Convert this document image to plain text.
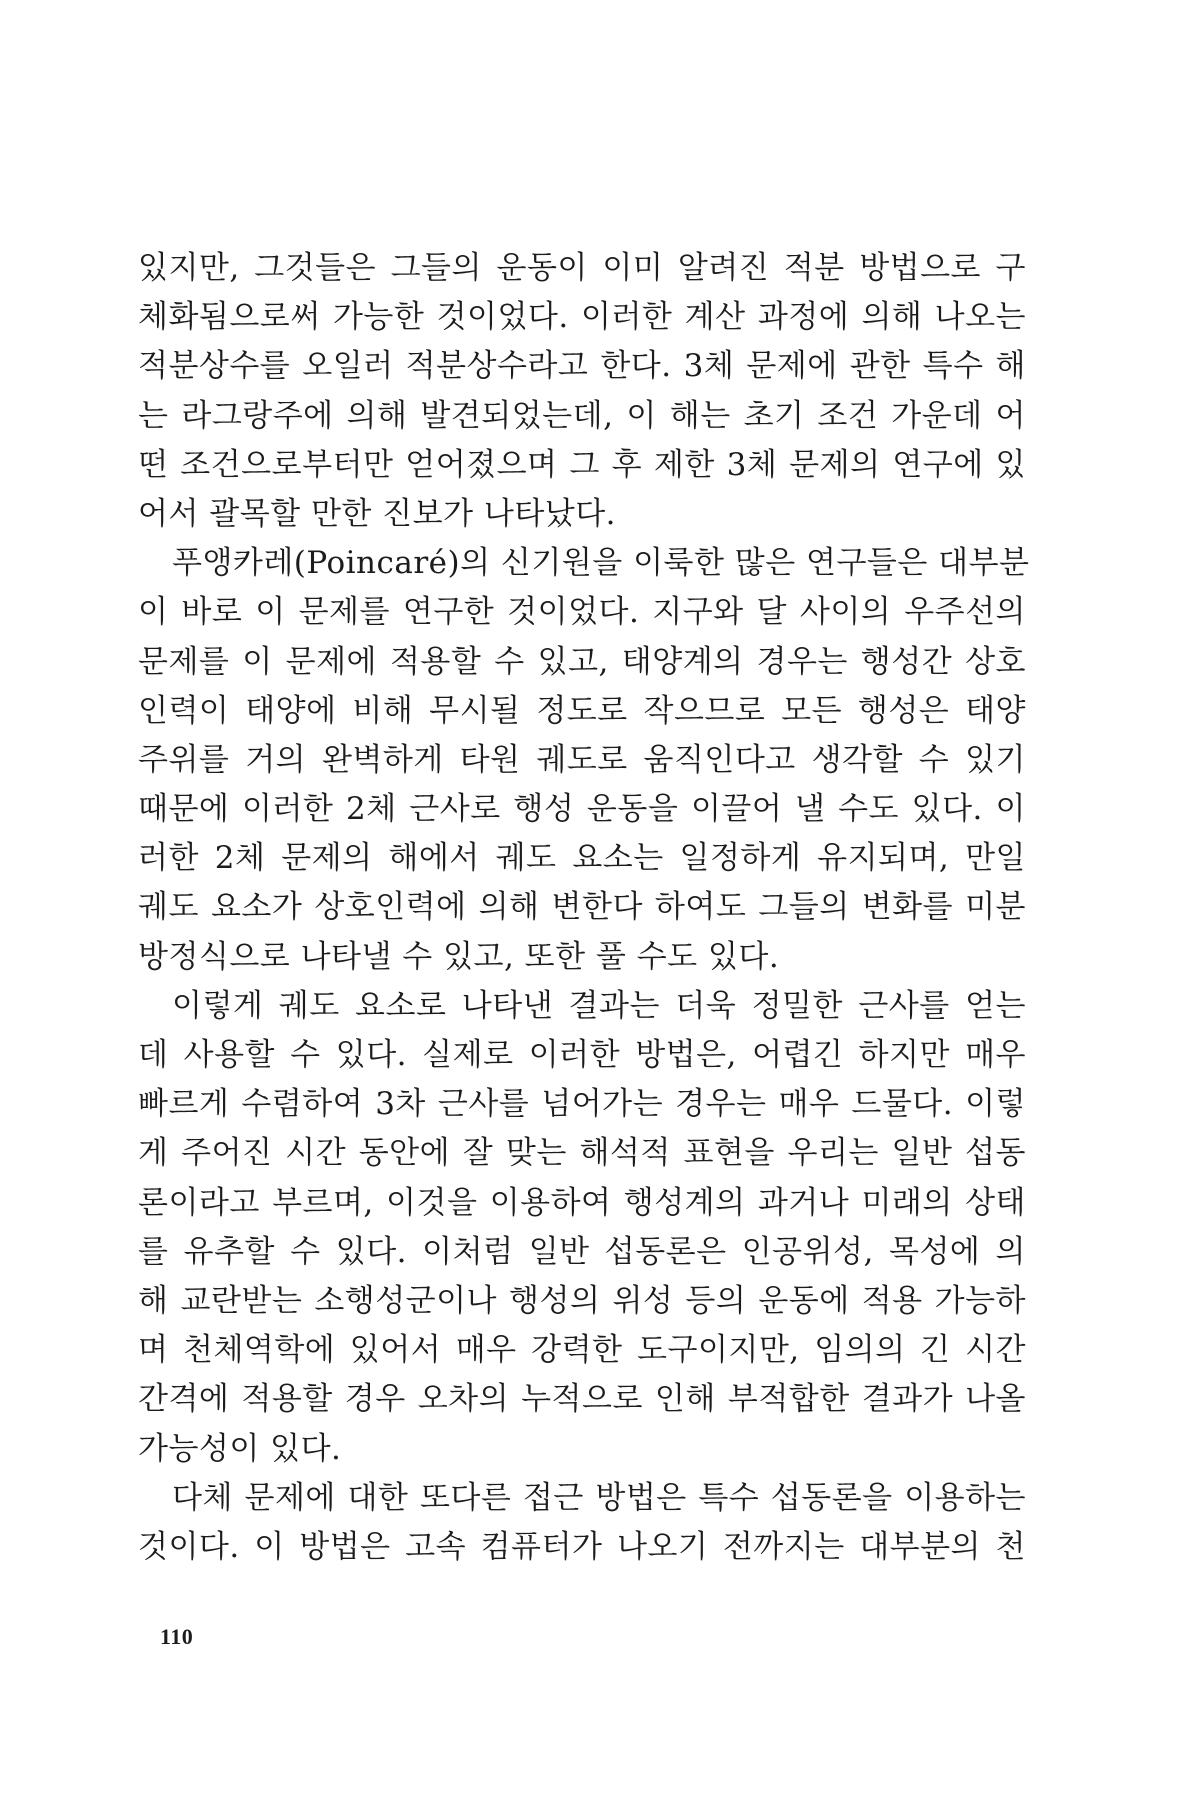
있지만, 그것들은 그들의 운동이 이미 알려진 적분 방법으로 구
체화됨으로써 가능한 것이었다. 이러한 계산 과정에 의해 나오는
적분상수를 오일러 적분상수라고 한다. 3체 문제에 관한 특수 해
는 라그랑주에 의해 발견되었는데, 이 해는 초기 조건 가운데 어
떤 조건으로부터만 얻어졌으며 그 후 제한 3체 문제의 연구에 있
어서 괄목할 만한 진보가 나타났다.
푸앵카레(Poincaré)의 신기원을 이룩한 많은 연구들은 대부분
이 바로 이 문제를 연구한 것이었다. 지구와 달 사이의 우주선의
문제를 이 문제에 적용할 수 있고, 태양계의 경우는 행성간 상호
인력이 태양에 비해 무시될 정도로 작으므로 모든 행성은 태양
주위를 거의 완벽하게 타원 궤도로 움직인다고 생각할 수 있기
때문에 이러한 2체 근사로 행성 운동을 이끌어 낼 수도 있다. 이
러한 2체 문제의 해에서 궤도 요소는 일정하게 유지되며, 만일
궤도 요소가 상호인력에 의해 변한다 하여도 그들의 변화를 미분
방정식으로 나타낼 수 있고, 또한 풀 수도 있다.
이렇게 궤도 요소로 나타낸 결과는 더욱 정밀한 근사를 얻는
데 사용할 수 있다. 실제로 이러한 방법은, 어렵긴 하지만 매우
빠르게 수렴하여 3차 근사를 넘어가는 경우는 매우 드물다. 이렇
게 주어진 시간 동안에 잘 맞는 해석적 표현을 우리는 일반 섭동
론이라고 부르며, 이것을 이용하여 행성계의 과거나 미래의 상태
를 유추할 수 있다. 이처럼 일반 섭동론은 인공위성, 목성에 의
해 교란받는 소행성군이나 행성의 위성 등의 운동에 적용 가능하
며 천체역학에 있어서 매우 강력한 도구이지만, 임의의 긴 시간
간격에 적용할 경우 오차의 누적으로 인해 부적합한 결과가 나올
가능성이 있다.
다체 문제에 대한 또다른 접근 방법은 특수 섭동론을 이용하는
것이다. 이 방법은 고속 컴퓨터가 나오기 전까지는 대부분의 천
110
